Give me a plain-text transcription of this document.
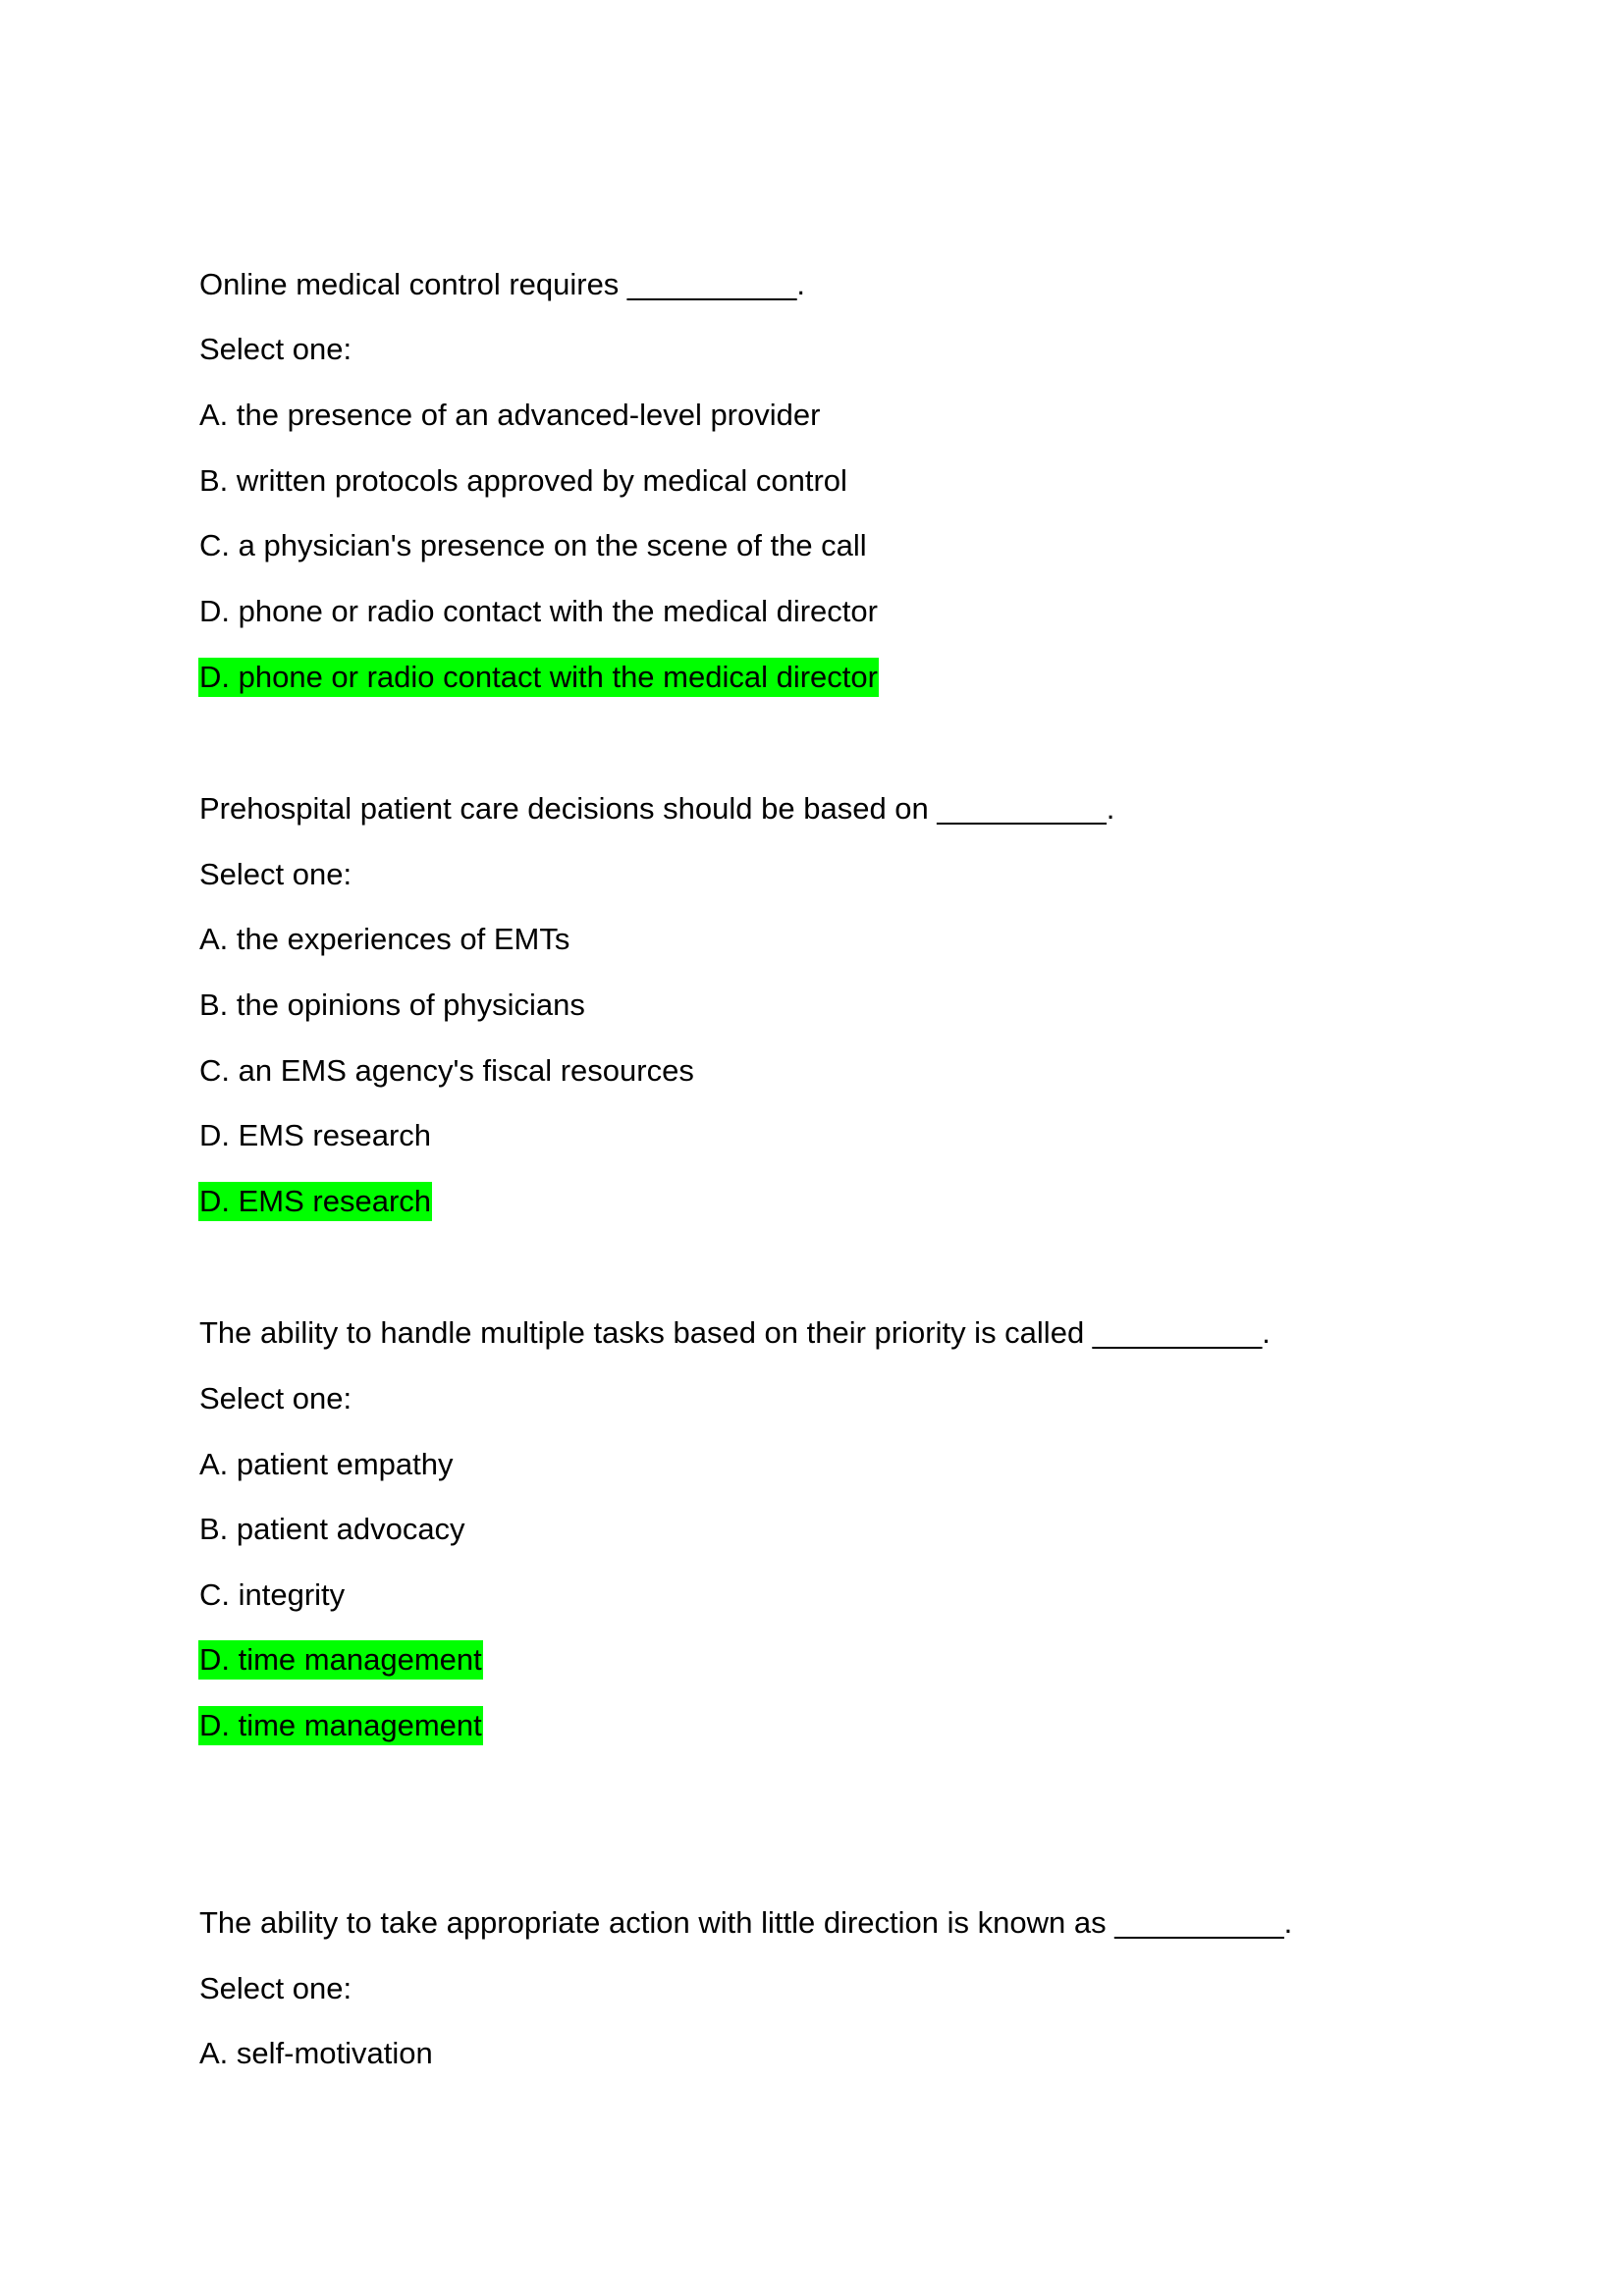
Online medical control requires __________.
Select one:
A. the presence of an advanced-level provider
B. written protocols approved by medical control
C. a physician's presence on the scene of the call
D. phone or radio contact with the medical director
D. phone or radio contact with the medical director
Prehospital patient care decisions should be based on __________.
Select one:
A. the experiences of EMTs
B. the opinions of physicians
C. an EMS agency's fiscal resources
D. EMS research
D. EMS research
The ability to handle multiple tasks based on their priority is called __________.
Select one:
A. patient empathy
B. patient advocacy
C. integrity
D. time management
D. time management
The ability to take appropriate action with little direction is known as __________.
Select one:
A. self-motivation
